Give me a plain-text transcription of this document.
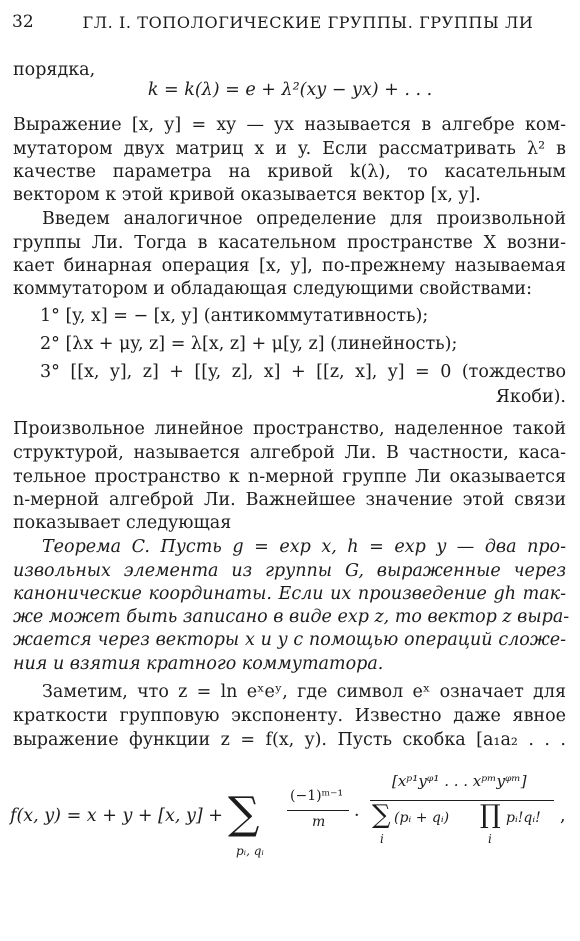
32	ГЛ. I. ТОПОЛОГИЧЕСКИЕ ГРУППЫ. ГРУППЫ ЛИ
порядка,
k = k(λ) = e + λ²(xy − yx) + . . .
Выражение [x, y] = xy — yx называется в алгебре ком-
мутатором двух матриц x и y. Если рассматривать λ² в
качестве параметра на кривой k(λ), то касательным
вектором к этой кривой оказывается вектор [x, y].
Введем аналогичное определение для произвольной
группы Ли. Тогда в касательном пространстве X возни-
кает бинарная операция [x, y], по-прежнему называемая
коммутатором и обладающая следующими свойствами:
1° [y, x] = − [x, y] (антикоммутативность);
2° [λx + μy, z] = λ[x, z] + μ[y, z] (линейность);
3° [[x, y], z] + [[y, z], x] + [[z, x], y] = 0 (тождество
Якоби).
Произвольное линейное пространство, наделенное такой
структурой, называется алгеброй Ли. В частности, каса-
тельное пространство к n-мерной группе Ли оказывается
n-мерной алгеброй Ли. Важнейшее значение этой связи
показывает следующая
Теорема C. Пусть g = exp x, h = exp y — два про-
извольных элемента из группы G, выраженные через
канонические координаты. Если их произведение gh так-
же может быть записано в виде exp z, то вектор z выра-
жается через векторы x и y с помощью операций сложе-
ния и взятия кратного коммутатора.
Заметим, что z = ln eˣeʸ, где символ eˣ означает для
краткости групповую экспоненту. Известно даже явное
выражение функции z = f(x, y). Пусть скобка [a₁a₂ . . .
f(x, y) = x + y + [x, y] + ∑
pᵢ, qᵢ
(−1)ᵐ⁻¹
m ·
[xᵖ¹yᵠ¹ . . . xᵖᵐyᵠᵐ]
∑
i
(pᵢ + qᵢ) ∏
i
pᵢ!qᵢ! ,
